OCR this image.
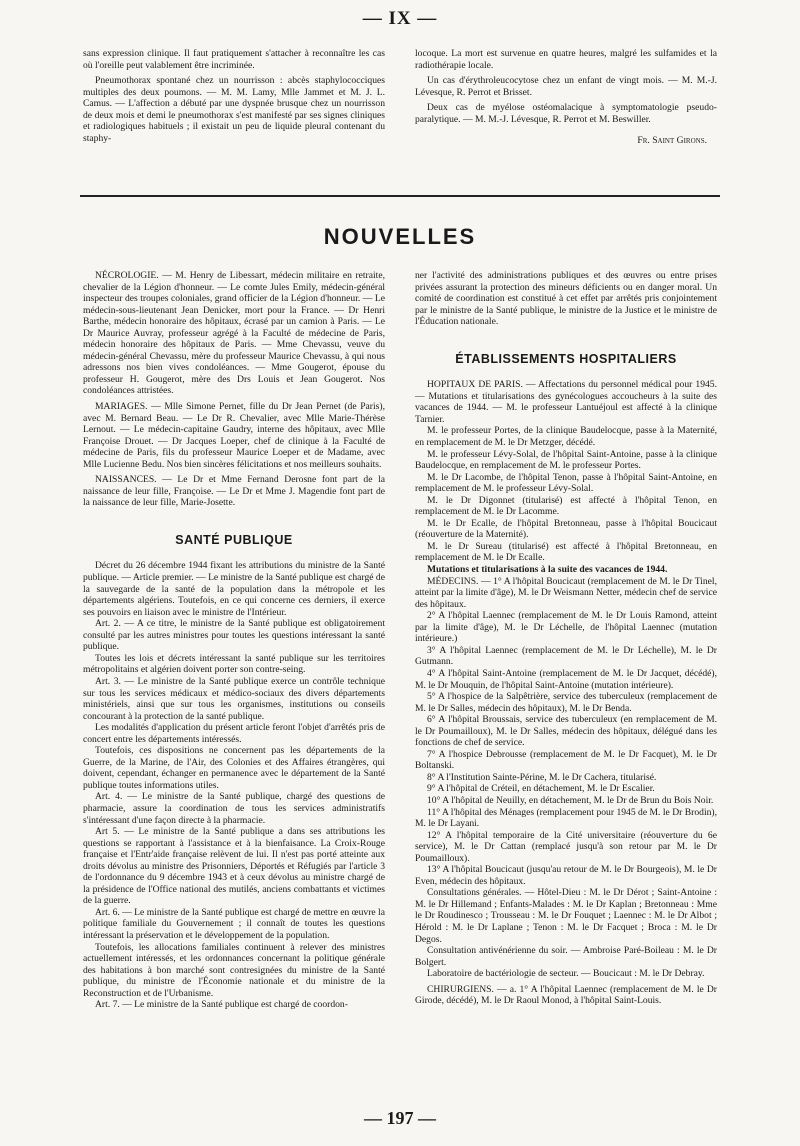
— IX —

sans expression clinique. Il faut pratiquement s'attacher à reconnaître les cas où l'oreille peut valablement être incriminée.

Pneumothorax spontané chez un nourrisson : abcès staphylococciques multiples des deux poumons. — M. M. Lamy, Mlle Jammet et M. J. L. Camus. — L'affection a débuté par une dyspnée brusque chez un nourrisson de deux mois et demi le pneumothorax s'est manifesté par ses signes cliniques et radiologiques habituels ; il existait un peu de liquide pleural contenant du staphy-

locoque. La mort est survenue en quatre heures, malgré les sulfamides et la radiothérapie locale.

Un cas d'érythroleucocytose chez un enfant de vingt mois. — M. M.-J. Lévesque, R. Perrot et Brisset.

Deux cas de myélose ostéomalacique à symptomatologie pseudo-paralytique. — M. M.-J. Lévesque, R. Perrot et M. Beswiller.

Fr. Saint Girons.
NOUVELLES

NÉCROLOGIE. — M. Henry de Libessart, médecin militaire en retraite, chevalier de la Légion d'honneur. — Le comte Jules Emily, médecin-général inspecteur des troupes coloniales, grand officier de la Légion d'honneur. — Le médecin-sous-lieutenant Jean Denicker, mort pour la France. — Dr Henri Barthe, médecin honoraire des hôpitaux, écrasé par un camion à Paris. — Le Dr Maurice Auvray, professeur agrégé à la Faculté de médecine de Paris, médecin honoraire des hôpitaux de Paris. — Mme Chevassu, veuve du médecin-général Chevassu, mère du professeur Maurice Chevassu, à qui nous adressons nos bien vives condoléances. — Mme Gougerot, épouse du professeur H. Gougerot, mère des Drs Louis et Jean Gougerot. Nos condoléances attristées.

MARIAGES. — Mlle Simone Pernet, fille du Dr Jean Pernet (de Paris), avec M. Bernard Beau. — Le Dr R. Chevalier, avec Mlle Marie-Thérèse Lernout. — Le médecin-capitaine Gaudry, interne des hôpitaux, avec Mlle Françoise Drouet. — Dr Jacques Loeper, chef de clinique à la Faculté de médecine de Paris, fils du professeur Maurice Loeper et de Madame, avec Mlle Lucienne Bedu. Nos bien sincères félicitations et nos meilleurs souhaits.

NAISSANCES. — Le Dr et Mme Fernand Derosne font part de la naissance de leur fille, Françoise. — Le Dr et Mme J. Magendie font part de la naissance de leur fille, Marie-Josette.

SANTÉ PUBLIQUE

Décret du 26 décembre 1944 fixant les attributions du ministre de la Santé publique. — Article premier. — Le ministre de la Santé publique est chargé de la sauvegarde de la santé de la population dans la métropole et les départements algériens. Toutefois, en ce qui concerne ces derniers, il exerce ses pouvoirs en liaison avec le ministre de l'Intérieur.

Art. 2. — A ce titre, le ministre de la Santé publique est obligatoirement consulté par les autres ministres pour toutes les questions intéressant la santé publique.

Toutes les lois et décrets intéressant la santé publique sur les territoires métropolitains et algérien doivent porter son contre-seing.

Art. 3. — Le ministre de la Santé publique exerce un contrôle technique sur tous les services médicaux et médico-sociaux des divers départements ministériels, ainsi que sur tous les organismes, institutions ou conseils concourant à la protection de la santé publique.

Les modalités d'application du présent article feront l'objet d'arrêtés pris de concert entre les départements intéressés.

Toutefois, ces dispositions ne concernent pas les départements de la Guerre, de la Marine, de l'Air, des Colonies et des Affaires étrangères, qui doivent, cependant, échanger en permanence avec le département de la Santé publique toutes informations utiles.

Art. 4. — Le ministre de la Santé publique, chargé des questions de pharmacie, assure la coordination de tous les services administratifs s'intéressant d'une façon directe à la pharmacie.

Art 5. — Le ministre de la Santé publique a dans ses attributions les questions se rapportant à l'assistance et à la bienfaisance. La Croix-Rouge française et l'Entr'aide française relèvent de lui. Il n'est pas porté atteinte aux droits dévolus au ministre des Prisonniers, Déportés et Réfugiés par l'article 3 de l'ordonnance du 9 décembre 1943 et à ceux dévolus au ministre chargé de la présidence de l'Office national des mutilés, anciens combattants et victimes de la guerre.

Art. 6. — Le ministre de la Santé publique est chargé de mettre en œuvre la politique familiale du Gouvernement ; il connaît de toutes les questions intéressant la préservation et le développement de la population.

Toutefois, les allocations familiales continuent à relever des ministres actuellement intéressés, et les ordonnances concernant la politique générale des habitations à bon marché sont contresignées du ministre de la Santé publique, du ministre de l'Économie nationale et du ministre de la Reconstruction et de l'Urbanisme.

Art. 7. — Le ministre de la Santé publique est chargé de coordon-

ner l'activité des administrations publiques et des œuvres ou entre prises privées assurant la protection des mineurs déficients ou en danger moral. Un comité de coordination est constitué à cet effet par arrêtés pris conjointement par le ministre de la Santé publique, le ministre de la Justice et le ministre de l'Éducation nationale.

ÉTABLISSEMENTS HOSPITALIERS

HOPITAUX DE PARIS. — Affectations du personnel médical pour 1945. — Mutations et titularisations des gynécologues accoucheurs à la suite des vacances de 1944. — M. le professeur Lantuéjoul est affecté à la clinique Tarnier.

M. le professeur Portes, de la clinique Baudelocque, passe à la Maternité, en remplacement de M. le Dr Metzger, décédé.

M. le professeur Lévy-Solal, de l'hôpital Saint-Antoine, passe à la clinique Baudelocque, en remplacement de M. le professeur Portes.

M. le Dr Lacombe, de l'hôpital Tenon, passe à l'hôpital Saint-Antoine, en remplacement de M. le professeur Lévy-Solal.

M. le Dr Digonnet (titularisé) est affecté à l'hôpital Tenon, en remplacement de M. le Dr Lacomme.

M. le Dr Ecalle, de l'hôpital Bretonneau, passe à l'hôpital Boucicaut (réouverture de la Maternité).

M. le Dr Sureau (titularisé) est affecté à l'hôpital Bretonneau, en remplacement de M. le Dr Ecalle.

Mutations et titularisations à la suite des vacances de 1944.

MÉDECINS. — 1° A l'hôpital Boucicaut (remplacement de M. le Dr Tinel, atteint par la limite d'âge), M. le Dr Weismann Netter, médecin chef de service des hôpitaux.

2° A l'hôpital Laennec (remplacement de M. le Dr Louis Ramond, atteint par la limite d'âge), M. le Dr Léchelle, de l'hôpital Laennec (mutation intérieure.)

3° A l'hôpital Laennec (remplacement de M. le Dr Léchelle), M. le Dr Gutmann.

4° A l'hôpital Saint-Antoine (remplacement de M. le Dr Jacquet, décédé), M. le Dr Mouquin, de l'hôpital Saint-Antoine (mutation intérieure).

5° A l'hospice de la Salpêtrière, service des tuberculeux (remplacement de M. le Dr Salles, médecin des hôpitaux), M. le Dr Benda.

6° A l'hôpital Broussais, service des tuberculeux (en remplacement de M. le Dr Poumailloux), M. le Dr Salles, médecin des hôpitaux, délégué dans les fonctions de chef de service.

7° A l'hospice Debrousse (remplacement de M. le Dr Facquet), M. le Dr Boltanski.

8° A l'Institution Sainte-Périne, M. le Dr Cachera, titularisé.

9° A l'hôpital de Créteil, en détachement, M. le Dr Escalier.

10° A l'hôpital de Neuilly, en détachement, M. le Dr de Brun du Bois Noir.

11° A l'hôpital des Ménages (remplacement pour 1945 de M. le Dr Brodin), M. le Dr Layani.

12° A l'hôpital temporaire de la Cité universitaire (réouverture du 6e service), M. le Dr Cattan (remplacé jusqu'à son retour par M. le Dr Poumailloux).

13° A l'hôpital Boucicaut (jusqu'au retour de M. le Dr Bourgeois), M. le Dr Even, médecin des hôpitaux.

Consultations générales. — Hôtel-Dieu : M. le Dr Dérot ; Saint-Antoine : M. le Dr Hillemand ; Enfants-Malades : M. le Dr Kaplan ; Bretonneau : Mme le Dr Roudinesco ; Trousseau : M. le Dr Fouquet ; Laennec : M. le Dr Albot ; Hérold : M. le Dr Laplane ; Tenon : M. le Dr Facquet ; Broca : M. le Dr Degos.

Consultation antivénérienne du soir. — Ambroise Paré-Boileau : M. le Dr Bolgert.

Laboratoire de bactériologie de secteur. — Boucicaut : M. le Dr Debray.

CHIRURGIENS. — a. 1° A l'hôpital Laennec (remplacement de M. le Dr Girode, décédé), M. le Dr Raoul Monod, à l'hôpital Saint-Louis.

— 197 —
